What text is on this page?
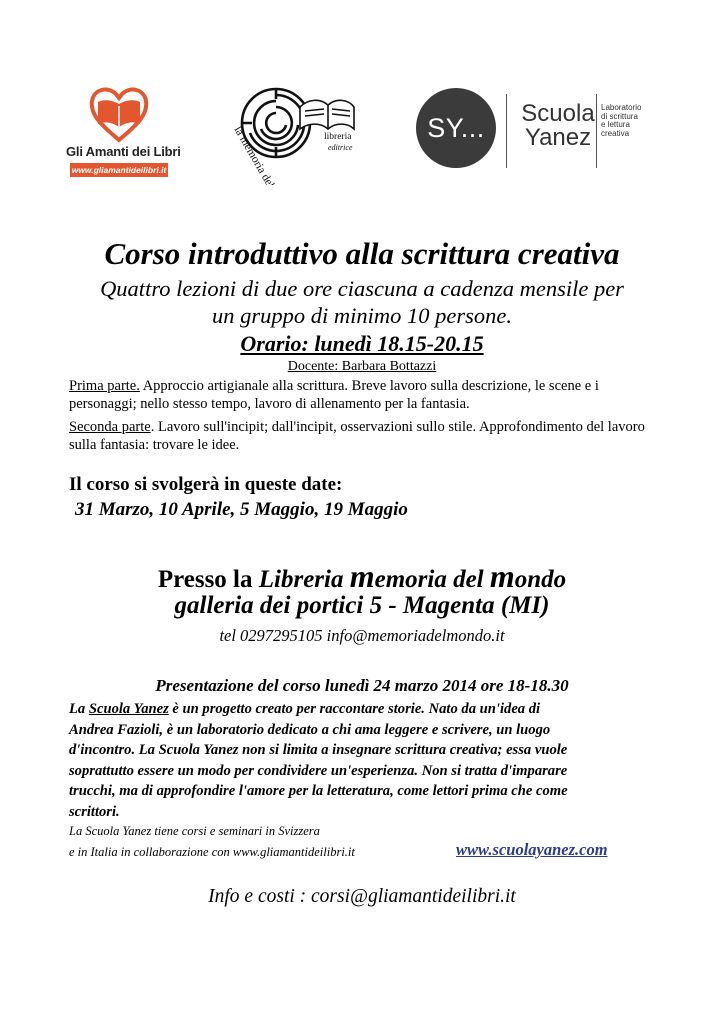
Gli Amanti dei Libri
www.gliamantideilibri.it	la memoria del mondo	libreria
editrice
SY...	Scuola
Yanez
Laboratorio
di scrittura
e lettura
creativa
Corso introduttivo alla scrittura creativa
Quattro lezioni di due ore ciascuna a cadenza mensile per
un gruppo di minimo 10 persone.
Orario: lunedì 18.15-20.15
Docente: Barbara Bottazzi
Prima parte. Approccio artigianale alla scrittura. Breve lavoro sulla descrizione, le scene e i personaggi; nello stesso tempo, lavoro di allenamento per la fantasia.
Seconda parte. Lavoro sull'incipit; dall'incipit, osservazioni sullo stile. Approfondimento del lavoro sulla fantasia: trovare le idee.
Il corso si svolgerà in queste date:
31 Marzo, 10 Aprile, 5 Maggio, 19 Maggio
Presso la Libreria memoria del mondo
galleria dei portici 5 - Magenta (MI)
tel 0297295105 info@memoriadelmondo.it
Presentazione del corso lunedì 24 marzo 2014 ore 18-18.30
La Scuola Yanez è un progetto creato per raccontare storie. Nato da un'idea di
Andrea Fazioli, è un laboratorio dedicato a chi ama leggere e scrivere, un luogo
d'incontro. La Scuola Yanez non si limita a insegnare scrittura creativa; essa vuole
soprattutto essere un modo per condividere un'esperienza. Non si tratta d'imparare
trucchi, ma di approfondire l'amore per la letteratura, come lettori prima che come
scrittori.
La Scuola Yanez tiene corsi e seminari in Svizzera
e in Italia in collaborazione con www.gliamantideilibri.it	www.scuolayanez.com
Info e costi : corsi@gliamantideilibri.it
